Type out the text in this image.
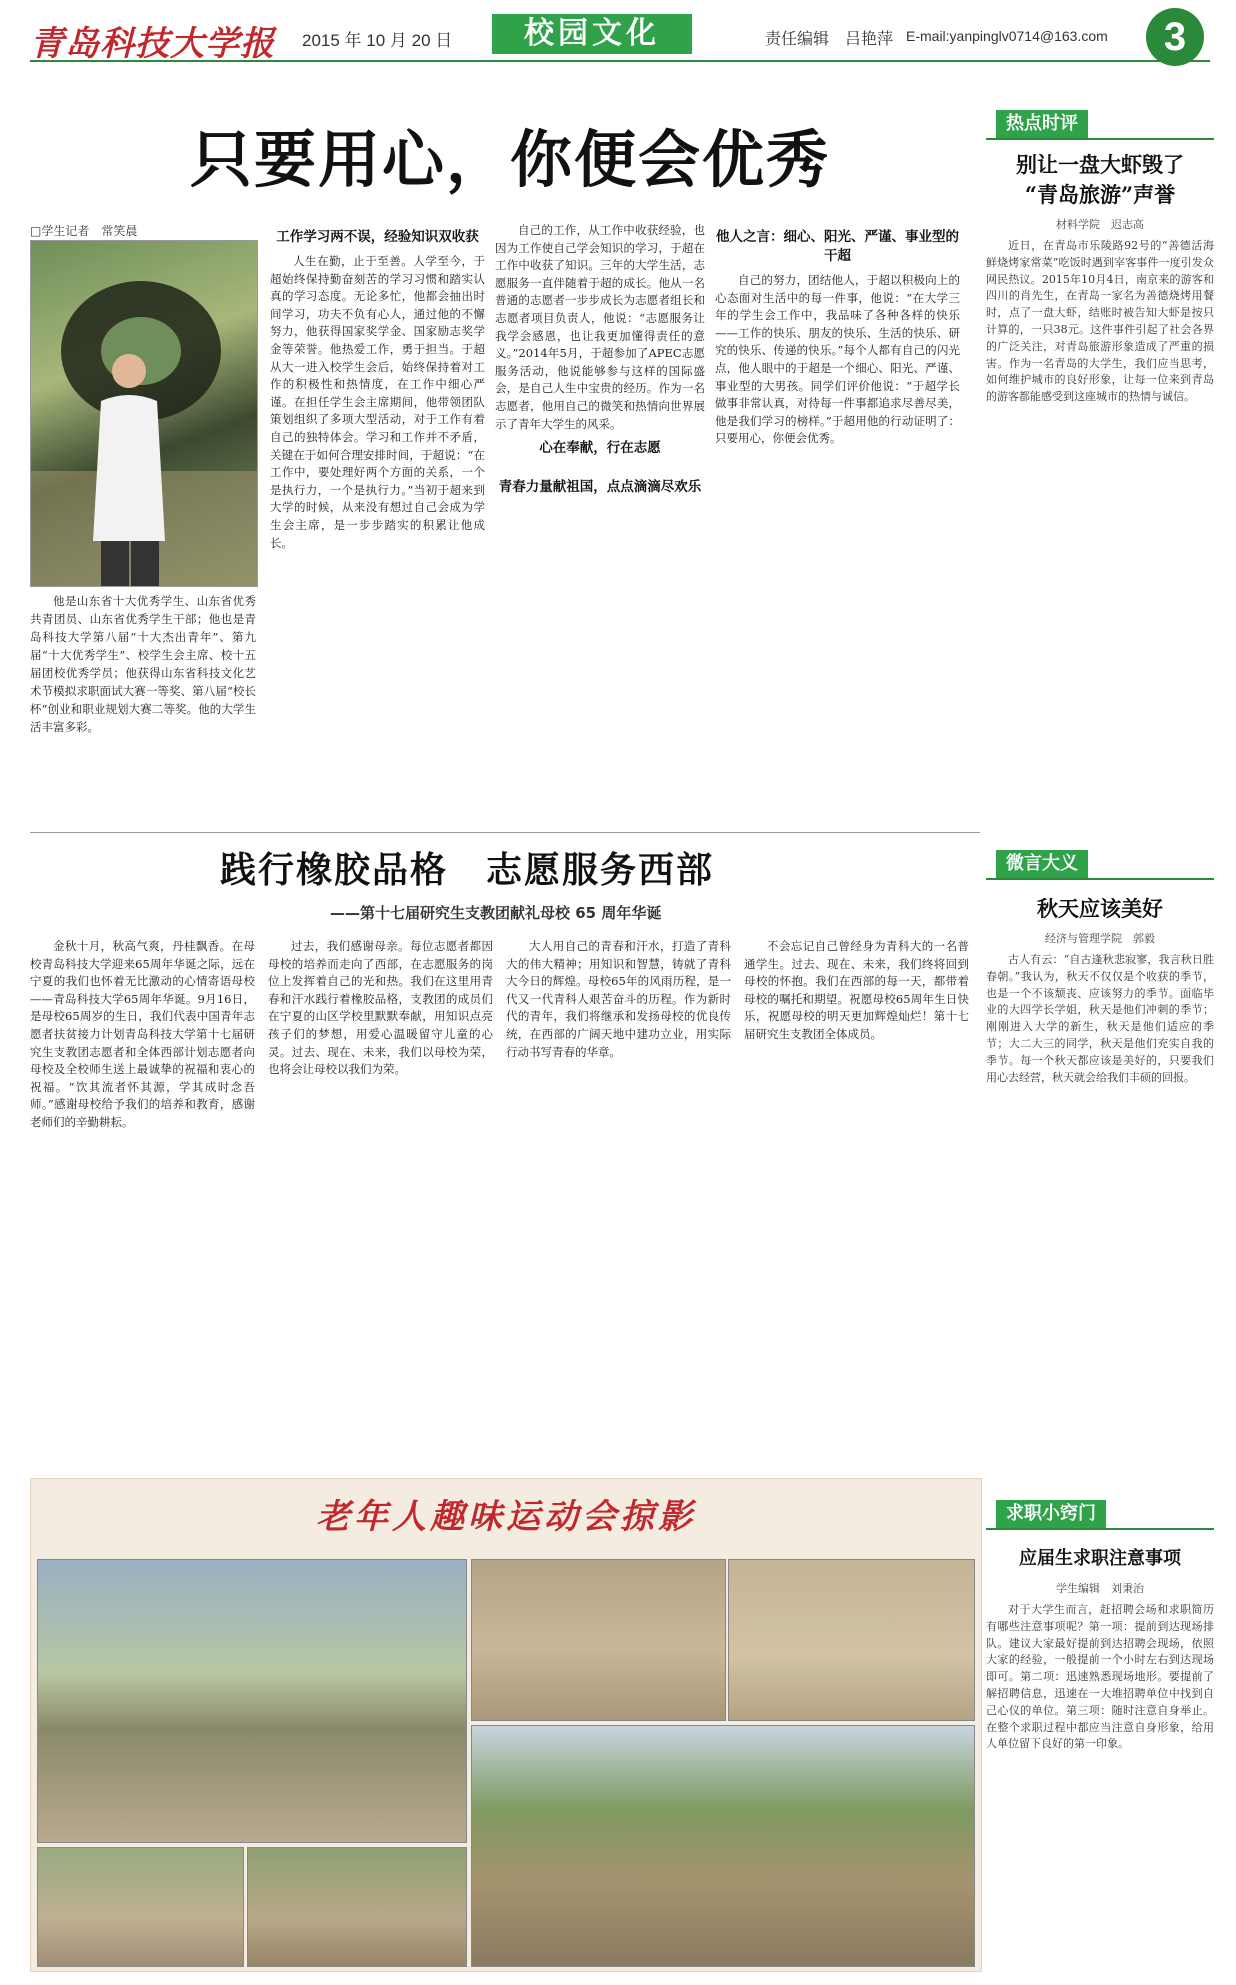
青岛科技大学报 2015 年 10 月 20 日	校园文化	责任编辑　吕艳萍 E-mail:yanpinglv0714@163.com	3
只要用心，你便会优秀
□学生记者　常笑晨
他是山东省十大优秀学生、山东省优秀共青团员、山东省优秀学生干部；他也是青岛科技大学第八届“十大杰出青年”、第九届“十大优秀学生”、校学生会主席、校十五届团校优秀学员；他获得山东省科技文化艺术节模拟求职面试大赛一等奖、第八届“校长杯”创业和职业规划大赛二等奖。他的大学生活丰富多彩。
工作学习两不误，经验知识双收获

人生在勤，止于至善。人学至今，于超始终保持勤奋刻苦的学习习惯和踏实认真的学习态度。无论多忙，他都会抽出时间学习，功夫不负有心人，通过他的不懈努力，他获得国家奖学金、国家励志奖学金等荣誉。他热爱工作，勇于担当。于超从大一进入校学生会后，始终保持着对工作的积极性和热情度，在工作中细心严谨。在担任学生会主席期间，他带领团队策划组织了多项大型活动，对于工作有着自己的独特体会。学习和工作并不矛盾，关键在于如何合理安排时间，于超说：“在工作中，要处理好两个方面的关系，一个是执行力，一个是执行力。”当初于超来到大学的时候，从来没有想过自己会成为学生会主席，是一步步踏实的积累让他成长。

自己的工作，从工作中收获经验，也因为工作使自己学会知识的学习，于超在工作中收获了知识。三年的大学生活，志愿服务一直伴随着于超的成长。他从一名普通的志愿者一步步成长为志愿者组长和志愿者项目负责人，他说：“志愿服务让我学会感恩，也让我更加懂得责任的意义。”2014年5月，于超参加了APEC志愿服务活动，他说能够参与这样的国际盛会，是自己人生中宝贵的经历。作为一名志愿者，他用自己的微笑和热情向世界展示了青年大学生的风采。

心在奉献，行在志愿
青春力量献祖国，点点滴滴尽欢乐
他人之言：细心、阳光、严谨、事业型的干超

自己的努力，团结他人，于超以积极向上的心态面对生活中的每一件事，他说：“在大学三年的学生会工作中，我品味了各种各样的快乐——工作的快乐、朋友的快乐、生活的快乐、研究的快乐、传递的快乐。”每个人都有自己的闪光点，他人眼中的于超是一个细心、阳光、严谨、事业型的大男孩。同学们评价他说：“于超学长做事非常认真，对待每一件事都追求尽善尽美，他是我们学习的榜样。”于超用他的行动证明了：只要用心，你便会优秀。

热点时评
别让一盘大虾毁了
“青岛旅游”声誉
材料学院　迟志高

近日，在青岛市乐陵路92号的“善德活海鲜烧烤家常菜”吃饭时遇到宰客事件一度引发众网民热议。2015年10月4日，南京来的游客和四川的肖先生，在青岛一家名为善德烧烤用餐时，点了一盘大虾，结账时被告知大虾是按只计算的，一只38元。这件事件引起了社会各界的广泛关注，对青岛旅游形象造成了严重的损害。作为一名青岛的大学生，我们应当思考，如何维护城市的良好形象，让每一位来到青岛的游客都能感受到这座城市的热情与诚信。

微言大义
秋天应该美好
经济与管理学院　郭毅

古人有云：“自古逢秋悲寂寥，我言秋日胜春朝。”我认为，秋天不仅仅是个收获的季节，也是一个不该颓丧、应该努力的季节。面临毕业的大四学长学姐，秋天是他们冲刺的季节；刚刚进入大学的新生，秋天是他们适应的季节；大二大三的同学，秋天是他们充实自我的季节。每一个秋天都应该是美好的，只要我们用心去经营，秋天就会给我们丰硕的回报。

求职小窍门
应届生求职注意事项
学生编辑　刘秉治

对于大学生而言，赶招聘会场和求职简历有哪些注意事项呢？第一项：提前到达现场排队。建议大家最好提前到达招聘会现场，依照大家的经验，一般提前一个小时左右到达现场即可。第二项：迅速熟悉现场地形。要提前了解招聘信息，迅速在一大堆招聘单位中找到自己心仪的单位。第三项：随时注意自身举止。在整个求职过程中都应当注意自身形象，给用人单位留下良好的第一印象。

践行橡胶品格　志愿服务西部
——第十七届研究生支教团献礼母校 65 周年华诞

金秋十月，秋高气爽，丹桂飘香。在母校青岛科技大学迎来65周年华诞之际，远在宁夏的我们也怀着无比激动的心情寄语母校——青岛科技大学65周年华诞。9月16日，是母校65周岁的生日，我们代表中国青年志愿者扶贫接力计划青岛科技大学第十七届研究生支教团志愿者和全体西部计划志愿者向母校及全校师生送上最诚挚的祝福和衷心的祝福。“饮其流者怀其源，学其成时念吾师。”感谢母校给予我们的培养和教育，感谢老师们的辛勤耕耘。

过去，我们感谢母亲。每位志愿者都因母校的培养而走向了西部，在志愿服务的岗位上发挥着自己的光和热。我们在这里用青春和汗水践行着橡胶品格，支教团的成员们在宁夏的山区学校里默默奉献，用知识点亮孩子们的梦想，用爱心温暖留守儿童的心灵。过去、现在、未来，我们以母校为荣，也将会让母校以我们为荣。

大人用自己的青春和汗水，打造了青科大的伟大精神；用知识和智慧，铸就了青科大今日的辉煌。母校65年的风雨历程，是一代又一代青科人艰苦奋斗的历程。作为新时代的青年，我们将继承和发扬母校的优良传统，在西部的广阔天地中建功立业，用实际行动书写青春的华章。

不会忘记自己曾经身为青科大的一名普通学生。过去、现在、未来，我们终将回到母校的怀抱。我们在西部的每一天，都带着母校的嘱托和期望。祝愿母校65周年生日快乐，祝愿母校的明天更加辉煌灿烂！第十七届研究生支教团全体成员。

老年人趣味运动会掠影
